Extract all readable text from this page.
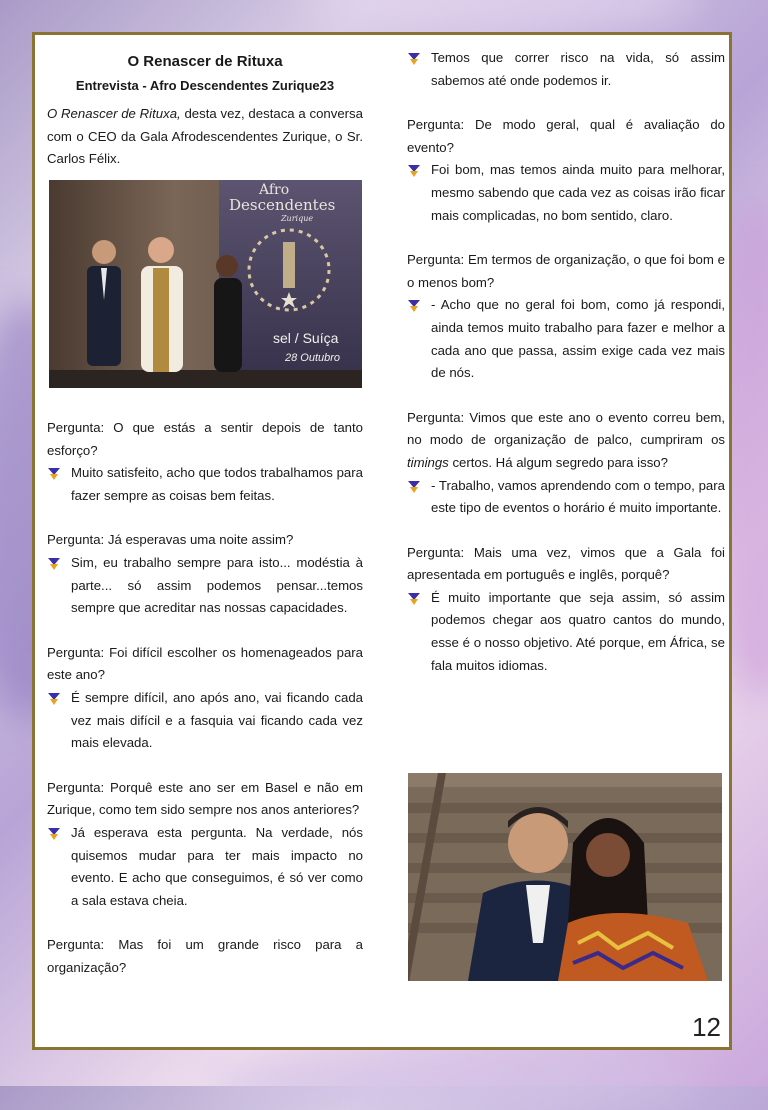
O Renascer de Rituxa
Entrevista - Afro Descendentes Zurique23

O Renascer de Rituxa, desta vez, destaca a conversa com o CEO da Gala Afrodescendentes Zurique, o Sr. Carlos Félix.

Afro
Descendentes
Zurique
sel / Suíça
28 Outubro

Pergunta: O que estás a sentir depois de tanto esforço?

Muito satisfeito, acho que todos trabalhamos para fazer sempre as coisas bem feitas.

Pergunta: Já esperavas uma noite assim?

Sim, eu trabalho sempre para isto... modéstia à parte... só assim podemos pensar...temos sempre que acreditar nas nossas capacidades.

Pergunta: Foi difícil escolher os homenageados para este ano?

É sempre difícil, ano após ano, vai ficando cada vez mais difícil e a fasquia vai ficando cada vez mais elevada.

Pergunta: Porquê este ano ser em Basel e não em Zurique, como tem sido sempre nos anos anteriores?

Já esperava esta pergunta. Na verdade, nós quisemos mudar para ter mais impacto no evento. E acho que conseguimos, é só ver como a sala estava cheia.

Pergunta: Mas foi um grande risco para a organização?

Temos que correr risco na vida, só assim sabemos até onde podemos ir.

Pergunta: De modo geral, qual é avaliação do evento?

Foi bom, mas temos ainda muito para melhorar, mesmo sabendo que cada vez as coisas irão ficar mais complicadas, no bom sentido, claro.

Pergunta: Em termos de organização, o que foi bom e o menos bom?

- Acho que no geral foi bom, como já respondi, ainda temos muito trabalho para fazer e melhor a cada ano que passa, assim exige cada vez mais de nós.

Pergunta: Vimos que este ano o evento correu bem, no modo de organização de palco, cumpriram os timings certos. Há algum segredo para isso?

- Trabalho, vamos aprendendo com o tempo, para este tipo de eventos o horário é muito importante.

Pergunta: Mais uma vez, vimos que a Gala foi apresentada em português e inglês, porquê?

É muito importante que seja assim, só assim podemos chegar aos quatro cantos do mundo, esse é o nosso objetivo. Até porque, em África, se fala muitos idiomas.

12
